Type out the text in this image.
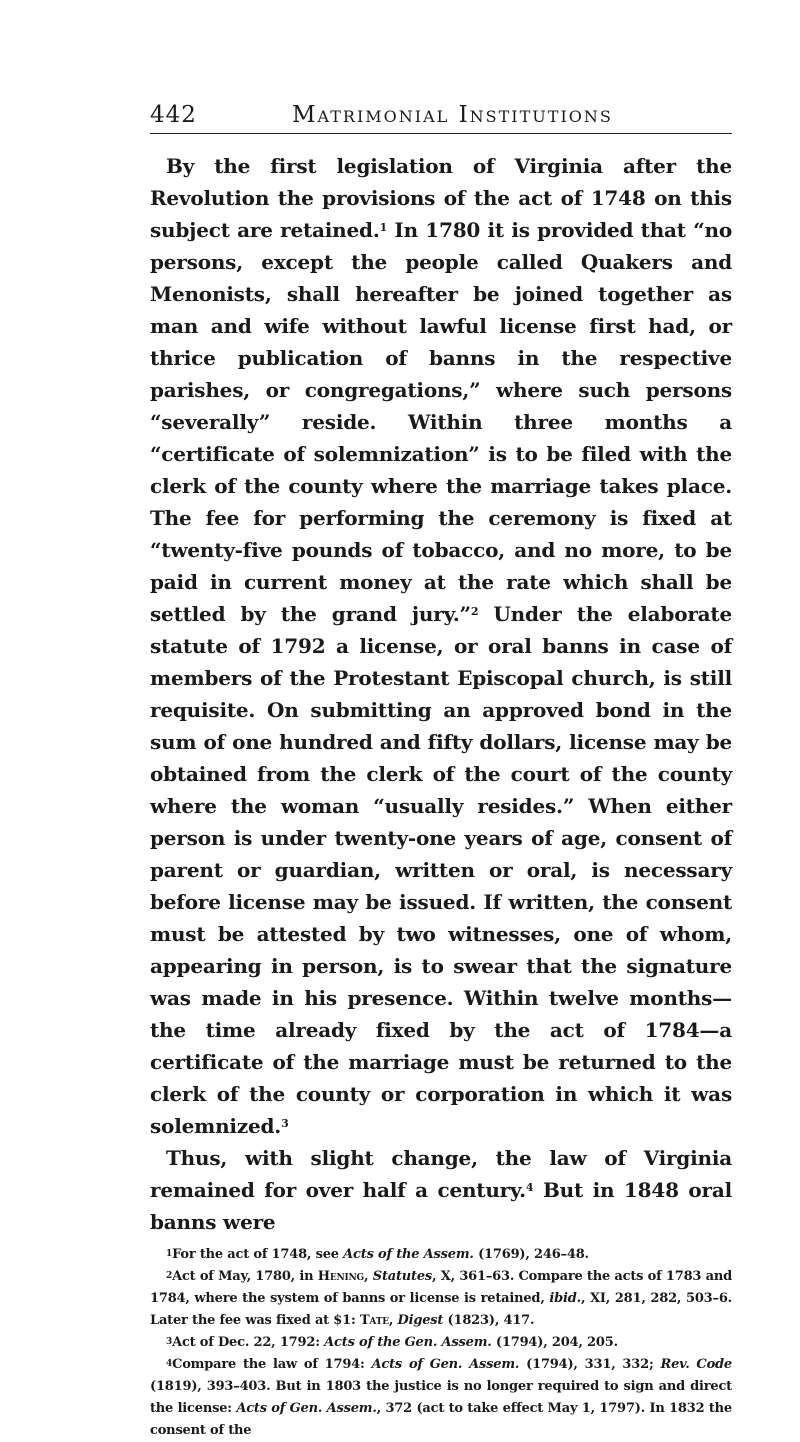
442	Matrimonial Institutions

By the first legislation of Virginia after the Revolution the provisions of the act of 1748 on this subject are retained.$^1$ In 1780 it is provided that “no persons, except the people called Quakers and Menonists, shall hereafter be joined together as man and wife without lawful license first had, or thrice publication of banns in the respective parishes, or congregations,” where such persons “severally” reside. Within three months a “certificate of solemnization” is to be filed with the clerk of the county where the marriage takes place. The fee for performing the ceremony is fixed at “twenty-five pounds of tobacco, and no more, to be paid in current money at the rate which shall be settled by the grand jury.”$^2$ Under the elaborate statute of 1792 a license, or oral banns in case of members of the Protestant Episcopal church, is still requisite. On submitting an approved bond in the sum of one hundred and fifty dollars, license may be obtained from the clerk of the court of the county where the woman “usually resides.” When either person is under twenty-one years of age, consent of parent or guardian, written or oral, is necessary before license may be issued. If written, the consent must be attested by two witnesses, one of whom, appearing in person, is to swear that the signature was made in his presence. Within twelve months—the time already fixed by the act of 1784—a certificate of the marriage must be returned to the clerk of the county or corporation in which it was solemnized.$^3$

Thus, with slight change, the law of Virginia remained for over half a century.$^4$ But in 1848 oral banns were

$^1$For the act of 1748, see Acts of the Assem. (1769), 246–48.

$^2$Act of May, 1780, in Hening, Statutes, X, 361–63. Compare the acts of 1783 and 1784, where the system of banns or license is retained, ibid., XI, 281, 282, 503–6. Later the fee was fixed at $1: Tate, Digest (1823), 417.

$^3$Act of Dec. 22, 1792: Acts of the Gen. Assem. (1794), 204, 205.

$^4$Compare the law of 1794: Acts of Gen. Assem. (1794), 331, 332; Rev. Code (1819), 393–403. But in 1803 the justice is no longer required to sign and direct the license: Acts of Gen. Assem., 372 (act to take effect May 1, 1797). In 1832 the consent of the
